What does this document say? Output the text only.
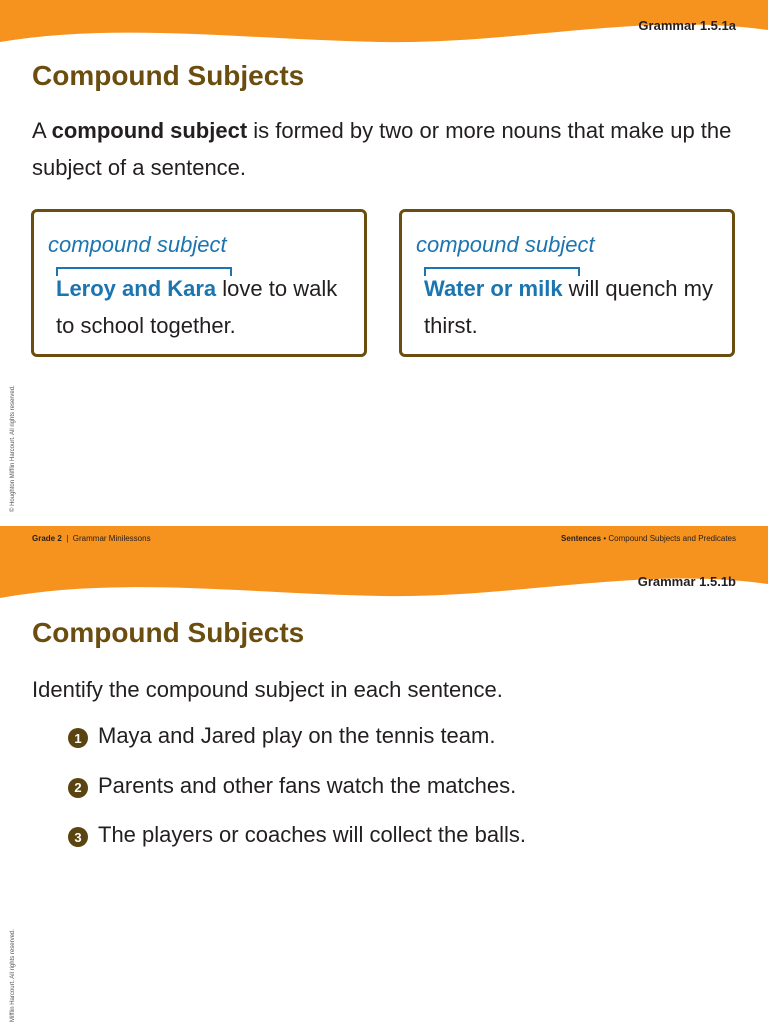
Grammar 1.5.1a
Compound Subjects

A compound subject is formed by two or more nouns that make up the subject of a sentence.

compound subject

Leroy and Kara love to walk to school together.

compound subject

Water or milk will quench my thirst.

© Houghton Mifflin Harcourt. All rights reserved.
Grade 2 | Grammar Minilessons	Sentences • Compound Subjects and Predicates
Grammar 1.5.1b
Compound Subjects

Identify the compound subject in each sentence.

1 Maya and Jared play on the tennis team.
2 Parents and other fans watch the matches.
3 The players or coaches will collect the balls.
Mifflin Harcourt. All rights reserved.
